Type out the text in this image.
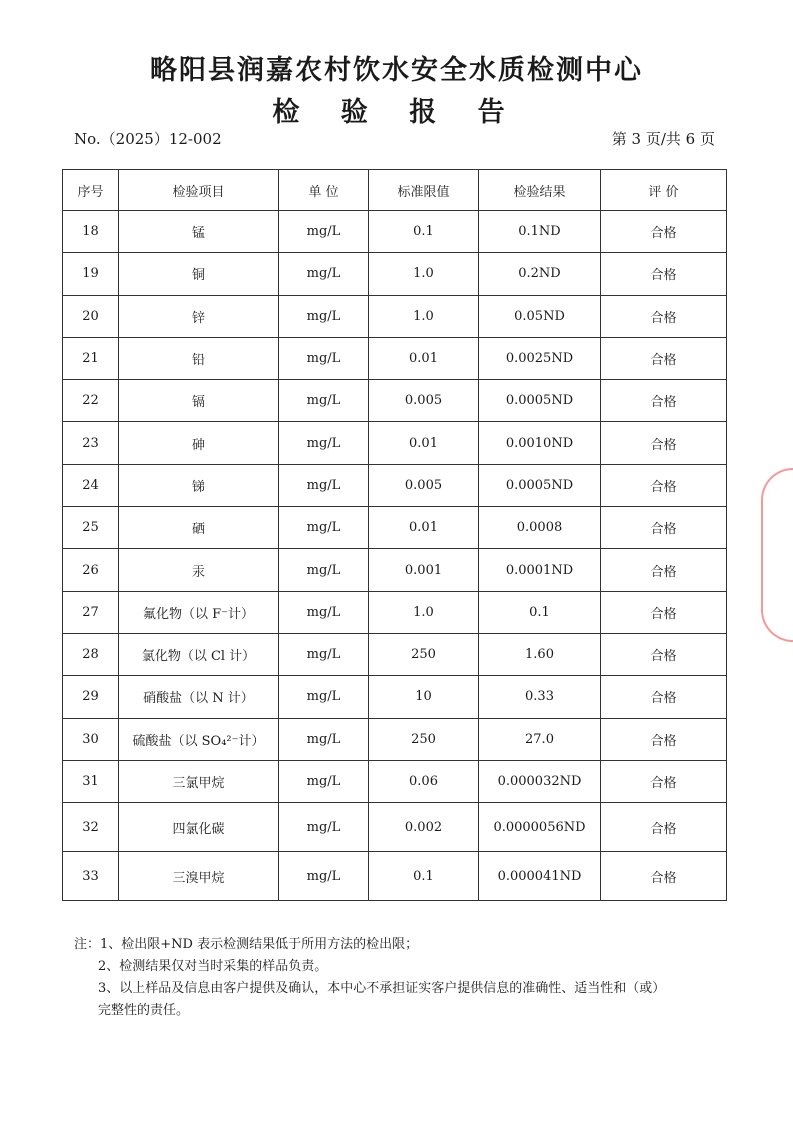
略阳县润嘉农村饮水安全水质检测中心
检 验 报 告
No.（2025）12-002	第 3 页/共 6 页
序号	检验项目	单 位	标准限值	检验结果	评 价
18	锰	mg/L	0.1	0.1ND	合格
19	铜	mg/L	1.0	0.2ND	合格
20	锌	mg/L	1.0	0.05ND	合格
21	铅	mg/L	0.01	0.0025ND	合格
22	镉	mg/L	0.005	0.0005ND	合格
23	砷	mg/L	0.01	0.0010ND	合格
24	锑	mg/L	0.005	0.0005ND	合格
25	硒	mg/L	0.01	0.0008	合格
26	汞	mg/L	0.001	0.0001ND	合格
27	氟化物（以 F⁻计）	mg/L	1.0	0.1	合格
28	氯化物（以 Cl 计）	mg/L	250	1.60	合格
29	硝酸盐（以 N 计）	mg/L	10	0.33	合格
30	硫酸盐（以 SO₄²⁻计）	mg/L	250	27.0	合格
31	三氯甲烷	mg/L	0.06	0.000032ND	合格
32	四氯化碳	mg/L	0.002	0.0000056ND	合格
33	三溴甲烷	mg/L	0.1	0.000041ND	合格
注：1、检出限+ND 表示检测结果低于所用方法的检出限；
2、检测结果仅对当时采集的样品负责。
3、以上样品及信息由客户提供及确认，本中心不承担证实客户提供信息的准确性、适当性和（或）
完整性的责任。
